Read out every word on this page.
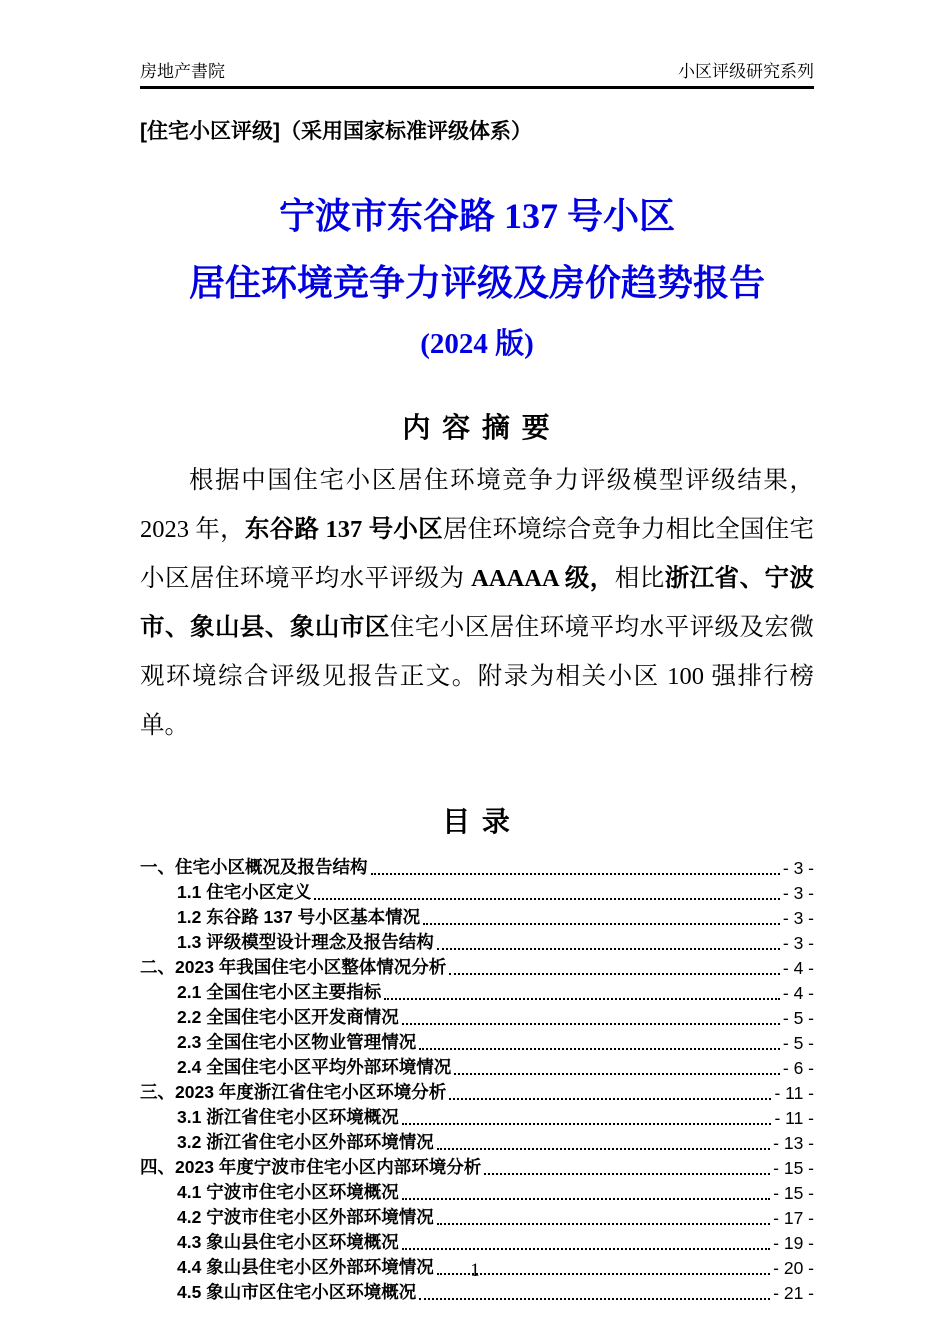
房地产書院	小区评级研究系列
[住宅小区评级]（采用国家标准评级体系）
宁波市东谷路 137 号小区
居住环境竞争力评级及房价趋势报告
(2024 版)
内 容 摘 要

根据中国住宅小区居住环境竞争力评级模型评级结果，2023 年，东谷路 137 号小区居住环境综合竞争力相比全国住宅小区居住环境平均水平评级为 AAAAA 级，相比浙江省、宁波市、象山县、象山市区住宅小区居住环境平均水平评级及宏微观环境综合评级见报告正文。附录为相关小区 100 强排行榜单。

目 录
一、住宅小区概况及报告结构	- 3 -
1.1 住宅小区定义	- 3 -
1.2 东谷路 137 号小区基本情况	- 3 -
1.3 评级模型设计理念及报告结构	- 3 -
二、2023 年我国住宅小区整体情况分析	- 4 -
2.1 全国住宅小区主要指标	- 4 -
2.2 全国住宅小区开发商情况	- 5 -
2.3 全国住宅小区物业管理情况	- 5 -
2.4 全国住宅小区平均外部环境情况	- 6 -
三、2023 年度浙江省住宅小区环境分析	- 11 -
3.1 浙江省住宅小区环境概况	- 11 -
3.2 浙江省住宅小区外部环境情况	- 13 -
四、2023 年度宁波市住宅小区内部环境分析	- 15 -
4.1 宁波市住宅小区环境概况	- 15 -
4.2 宁波市住宅小区外部环境情况	- 17 -
4.3 象山县住宅小区环境概况	- 19 -
4.4 象山县住宅小区外部环境情况	- 20 -
4.5 象山市区住宅小区环境概况	- 21 -
1
